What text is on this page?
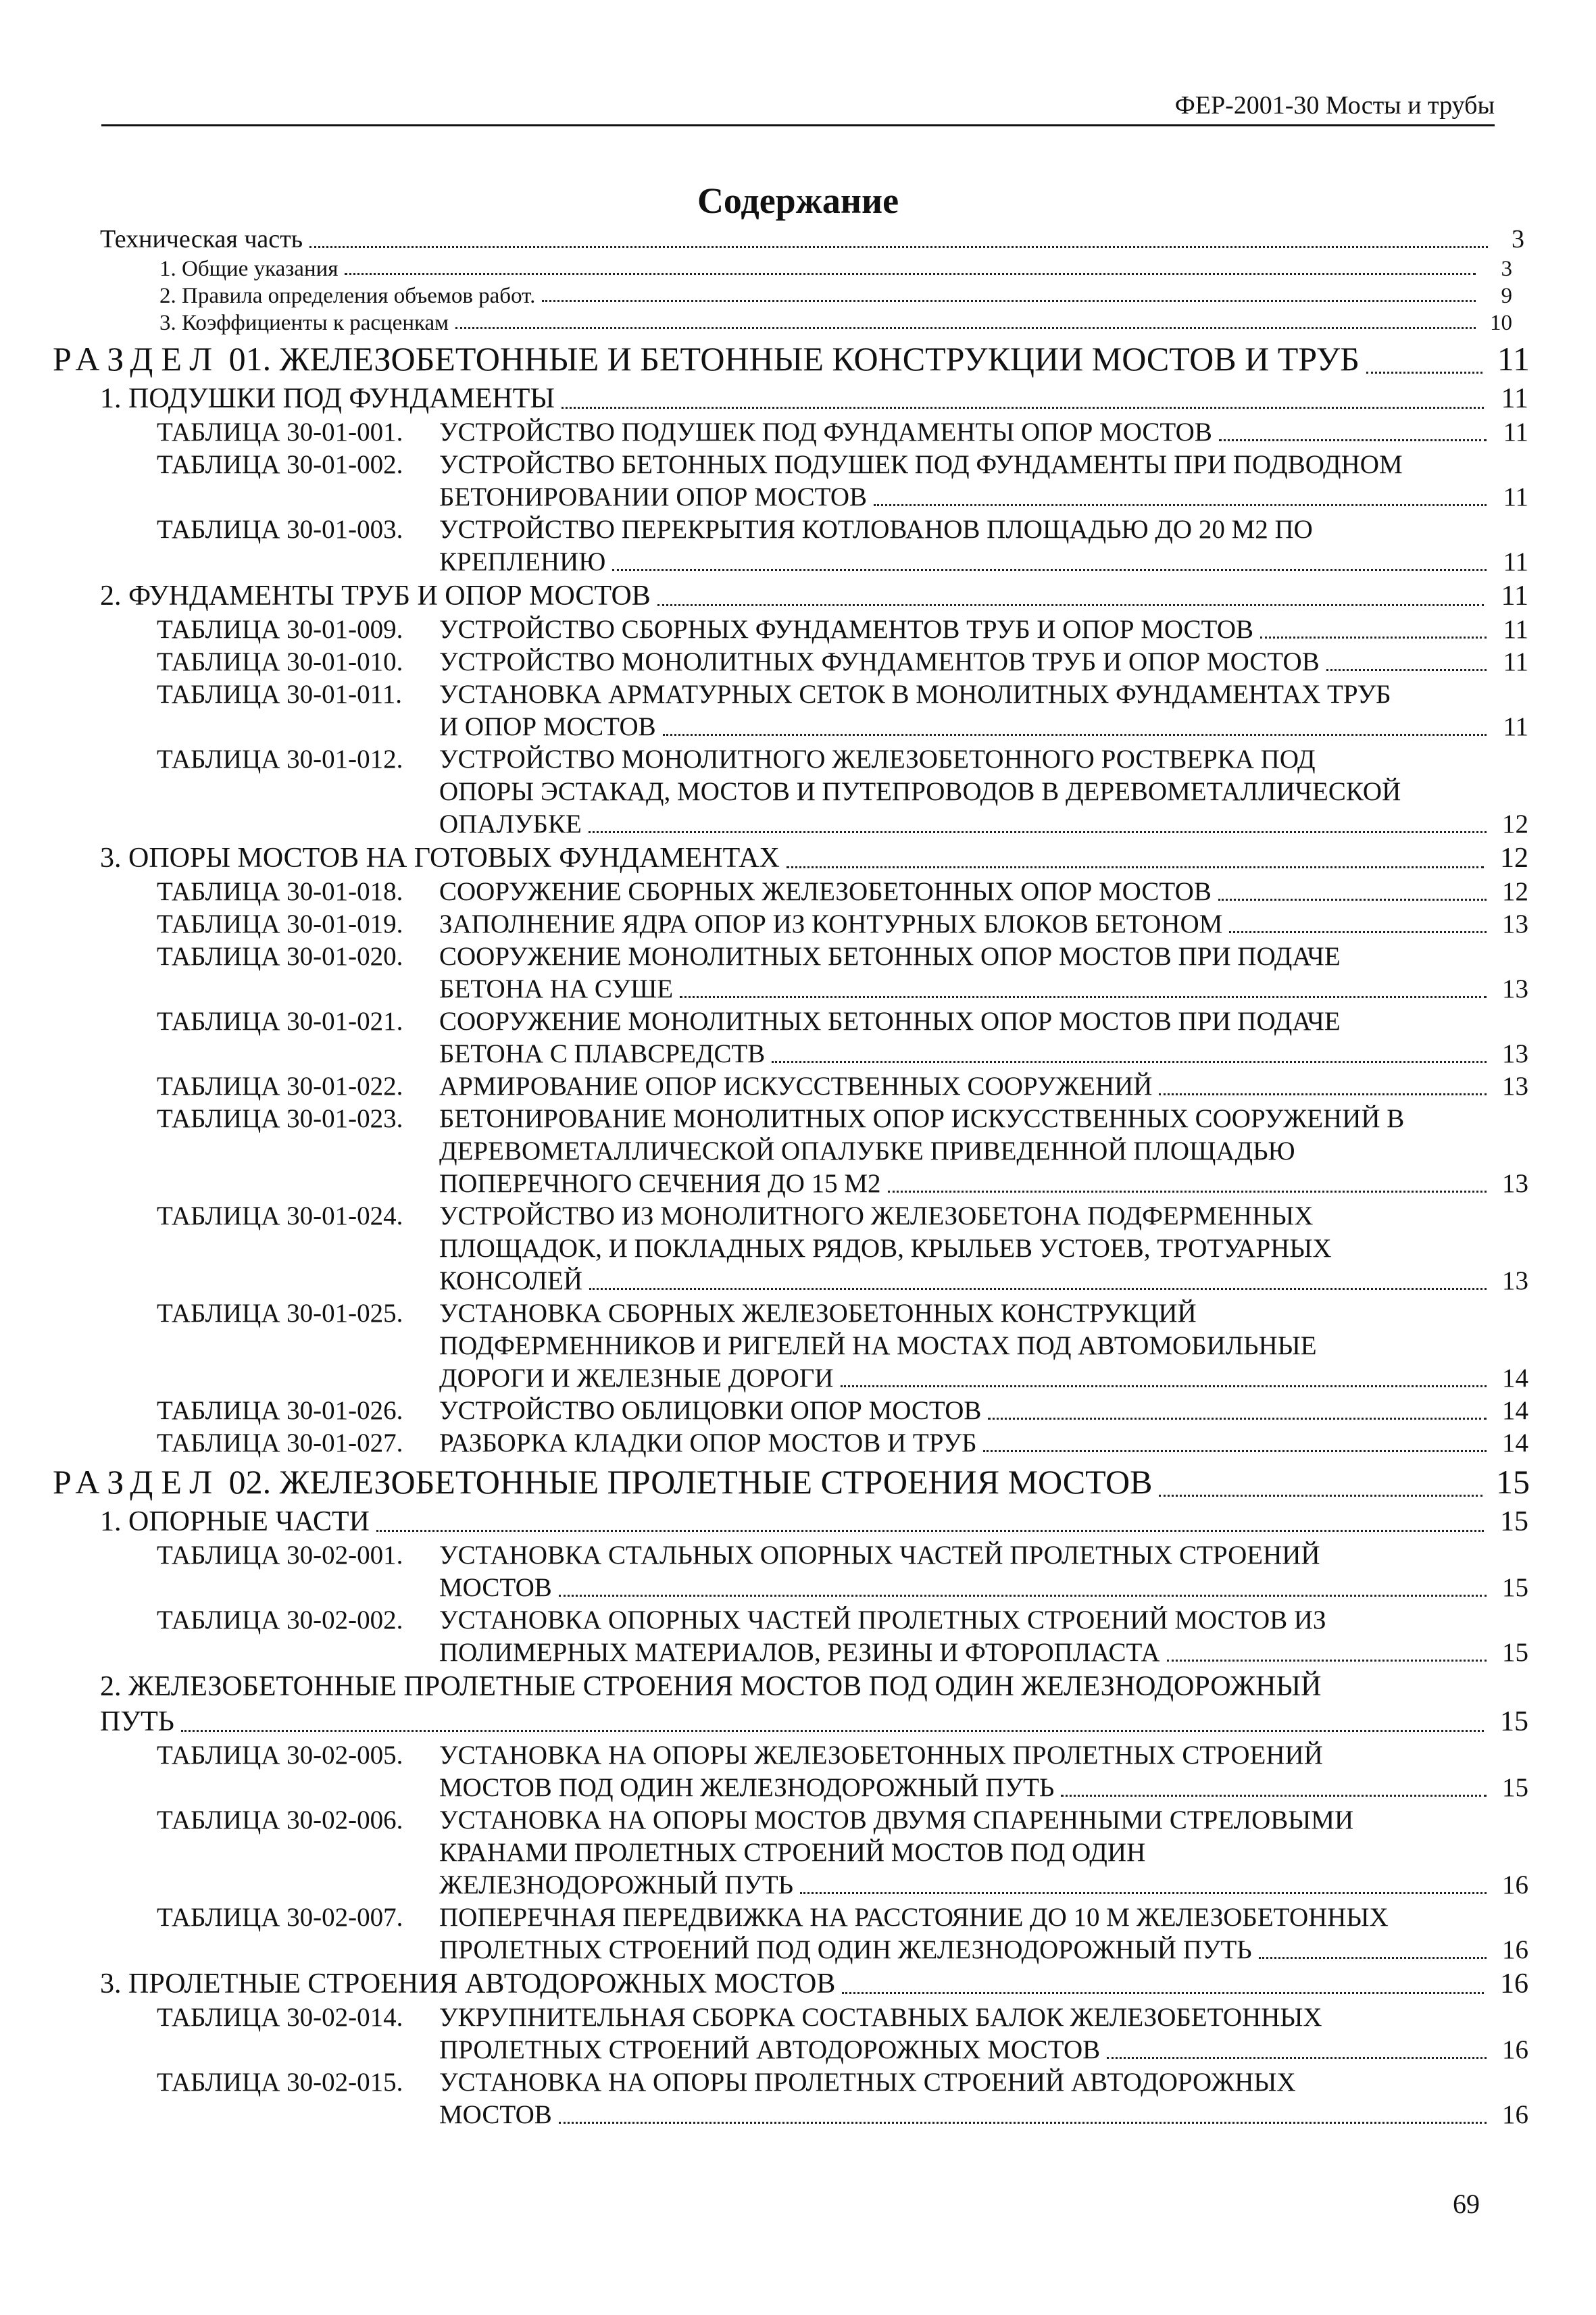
ФЕР-2001-30 Мосты и трубы
Содержание
Техническая часть	3
1. Общие указания	3
2. Правила определения объемов работ.	9
3. Коэффициенты к расценкам	10
РАЗДЕЛ
01. ЖЕЛЕЗОБЕТОННЫЕ И БЕТОННЫЕ КОНСТРУКЦИИ МОСТОВ И ТРУБ	11
1. ПОДУШКИ ПОД ФУНДАМЕНТЫ	11
ТАБЛИЦА 30-01-001.	УСТРОЙСТВО ПОДУШЕК ПОД ФУНДАМЕНТЫ ОПОР МОСТОВ	11
ТАБЛИЦА 30-01-002.	УСТРОЙСТВО БЕТОННЫХ ПОДУШЕК ПОД ФУНДАМЕНТЫ ПРИ ПОДВОДНОМ
БЕТОНИРОВАНИИ ОПОР МОСТОВ	11
ТАБЛИЦА 30-01-003.	УСТРОЙСТВО ПЕРЕКРЫТИЯ КОТЛОВАНОВ ПЛОЩАДЬЮ ДО 20 М2 ПО
КРЕПЛЕНИЮ	11
2. ФУНДАМЕНТЫ ТРУБ И ОПОР МОСТОВ	11
ТАБЛИЦА 30-01-009.	УСТРОЙСТВО СБОРНЫХ ФУНДАМЕНТОВ ТРУБ И ОПОР МОСТОВ	11
ТАБЛИЦА 30-01-010.	УСТРОЙСТВО МОНОЛИТНЫХ ФУНДАМЕНТОВ ТРУБ И ОПОР МОСТОВ	11
ТАБЛИЦА 30-01-011.	УСТАНОВКА АРМАТУРНЫХ СЕТОК В МОНОЛИТНЫХ ФУНДАМЕНТАХ ТРУБ
И ОПОР МОСТОВ	11
ТАБЛИЦА 30-01-012.	УСТРОЙСТВО МОНОЛИТНОГО ЖЕЛЕЗОБЕТОННОГО РОСТВЕРКА ПОД
ОПОРЫ ЭСТАКАД, МОСТОВ И ПУТЕПРОВОДОВ В ДЕРЕВОМЕТАЛЛИЧЕСКОЙ
ОПАЛУБКЕ	12
3. ОПОРЫ МОСТОВ НА ГОТОВЫХ ФУНДАМЕНТАХ	12
ТАБЛИЦА 30-01-018.	СООРУЖЕНИЕ СБОРНЫХ ЖЕЛЕЗОБЕТОННЫХ ОПОР МОСТОВ	12
ТАБЛИЦА 30-01-019.	ЗАПОЛНЕНИЕ ЯДРА ОПОР ИЗ КОНТУРНЫХ БЛОКОВ БЕТОНОМ	13
ТАБЛИЦА 30-01-020.	СООРУЖЕНИЕ МОНОЛИТНЫХ БЕТОННЫХ ОПОР МОСТОВ ПРИ ПОДАЧЕ
БЕТОНА НА СУШЕ	13
ТАБЛИЦА 30-01-021.	СООРУЖЕНИЕ МОНОЛИТНЫХ БЕТОННЫХ ОПОР МОСТОВ ПРИ ПОДАЧЕ
БЕТОНА С ПЛАВСРЕДСТВ	13
ТАБЛИЦА 30-01-022.	АРМИРОВАНИЕ ОПОР ИСКУССТВЕННЫХ СООРУЖЕНИЙ	13
ТАБЛИЦА 30-01-023.	БЕТОНИРОВАНИЕ МОНОЛИТНЫХ ОПОР ИСКУССТВЕННЫХ СООРУЖЕНИЙ В
ДЕРЕВОМЕТАЛЛИЧЕСКОЙ ОПАЛУБКЕ ПРИВЕДЕННОЙ ПЛОЩАДЬЮ
ПОПЕРЕЧНОГО СЕЧЕНИЯ ДО 15 М2	13
ТАБЛИЦА 30-01-024.	УСТРОЙСТВО ИЗ МОНОЛИТНОГО ЖЕЛЕЗОБЕТОНА ПОДФЕРМЕННЫХ
ПЛОЩАДОК, И ПОКЛАДНЫХ РЯДОВ, КРЫЛЬЕВ УСТОЕВ, ТРОТУАРНЫХ
КОНСОЛЕЙ	13
ТАБЛИЦА 30-01-025.	УСТАНОВКА СБОРНЫХ ЖЕЛЕЗОБЕТОННЫХ КОНСТРУКЦИЙ
ПОДФЕРМЕННИКОВ И РИГЕЛЕЙ НА МОСТАХ ПОД АВТОМОБИЛЬНЫЕ
ДОРОГИ И ЖЕЛЕЗНЫЕ ДОРОГИ	14
ТАБЛИЦА 30-01-026.	УСТРОЙСТВО ОБЛИЦОВКИ ОПОР МОСТОВ	14
ТАБЛИЦА 30-01-027.	РАЗБОРКА КЛАДКИ ОПОР МОСТОВ И ТРУБ	14
РАЗДЕЛ
02. ЖЕЛЕЗОБЕТОННЫЕ ПРОЛЕТНЫЕ СТРОЕНИЯ МОСТОВ	15
1. ОПОРНЫЕ ЧАСТИ	15
ТАБЛИЦА 30-02-001.	УСТАНОВКА СТАЛЬНЫХ ОПОРНЫХ ЧАСТЕЙ ПРОЛЕТНЫХ СТРОЕНИЙ
МОСТОВ	15
ТАБЛИЦА 30-02-002.	УСТАНОВКА ОПОРНЫХ ЧАСТЕЙ ПРОЛЕТНЫХ СТРОЕНИЙ МОСТОВ ИЗ
ПОЛИМЕРНЫХ МАТЕРИАЛОВ, РЕЗИНЫ И ФТОРОПЛАСТА	15
2. ЖЕЛЕЗОБЕТОННЫЕ ПРОЛЕТНЫЕ СТРОЕНИЯ МОСТОВ ПОД ОДИН ЖЕЛЕЗНОДОРОЖНЫЙ
ПУТЬ	15
ТАБЛИЦА 30-02-005.	УСТАНОВКА НА ОПОРЫ ЖЕЛЕЗОБЕТОННЫХ ПРОЛЕТНЫХ СТРОЕНИЙ
МОСТОВ ПОД ОДИН ЖЕЛЕЗНОДОРОЖНЫЙ ПУТЬ	15
ТАБЛИЦА 30-02-006.	УСТАНОВКА НА ОПОРЫ МОСТОВ ДВУМЯ СПАРЕННЫМИ СТРЕЛОВЫМИ
КРАНАМИ ПРОЛЕТНЫХ СТРОЕНИЙ МОСТОВ ПОД ОДИН
ЖЕЛЕЗНОДОРОЖНЫЙ ПУТЬ	16
ТАБЛИЦА 30-02-007.	ПОПЕРЕЧНАЯ ПЕРЕДВИЖКА НА РАССТОЯНИЕ ДО 10 М ЖЕЛЕЗОБЕТОННЫХ
ПРОЛЕТНЫХ СТРОЕНИЙ ПОД ОДИН ЖЕЛЕЗНОДОРОЖНЫЙ ПУТЬ	16
3. ПРОЛЕТНЫЕ СТРОЕНИЯ АВТОДОРОЖНЫХ МОСТОВ	16
ТАБЛИЦА 30-02-014.	УКРУПНИТЕЛЬНАЯ СБОРКА СОСТАВНЫХ БАЛОК ЖЕЛЕЗОБЕТОННЫХ
ПРОЛЕТНЫХ СТРОЕНИЙ АВТОДОРОЖНЫХ МОСТОВ	16
ТАБЛИЦА 30-02-015.	УСТАНОВКА НА ОПОРЫ ПРОЛЕТНЫХ СТРОЕНИЙ АВТОДОРОЖНЫХ
МОСТОВ	16
69
